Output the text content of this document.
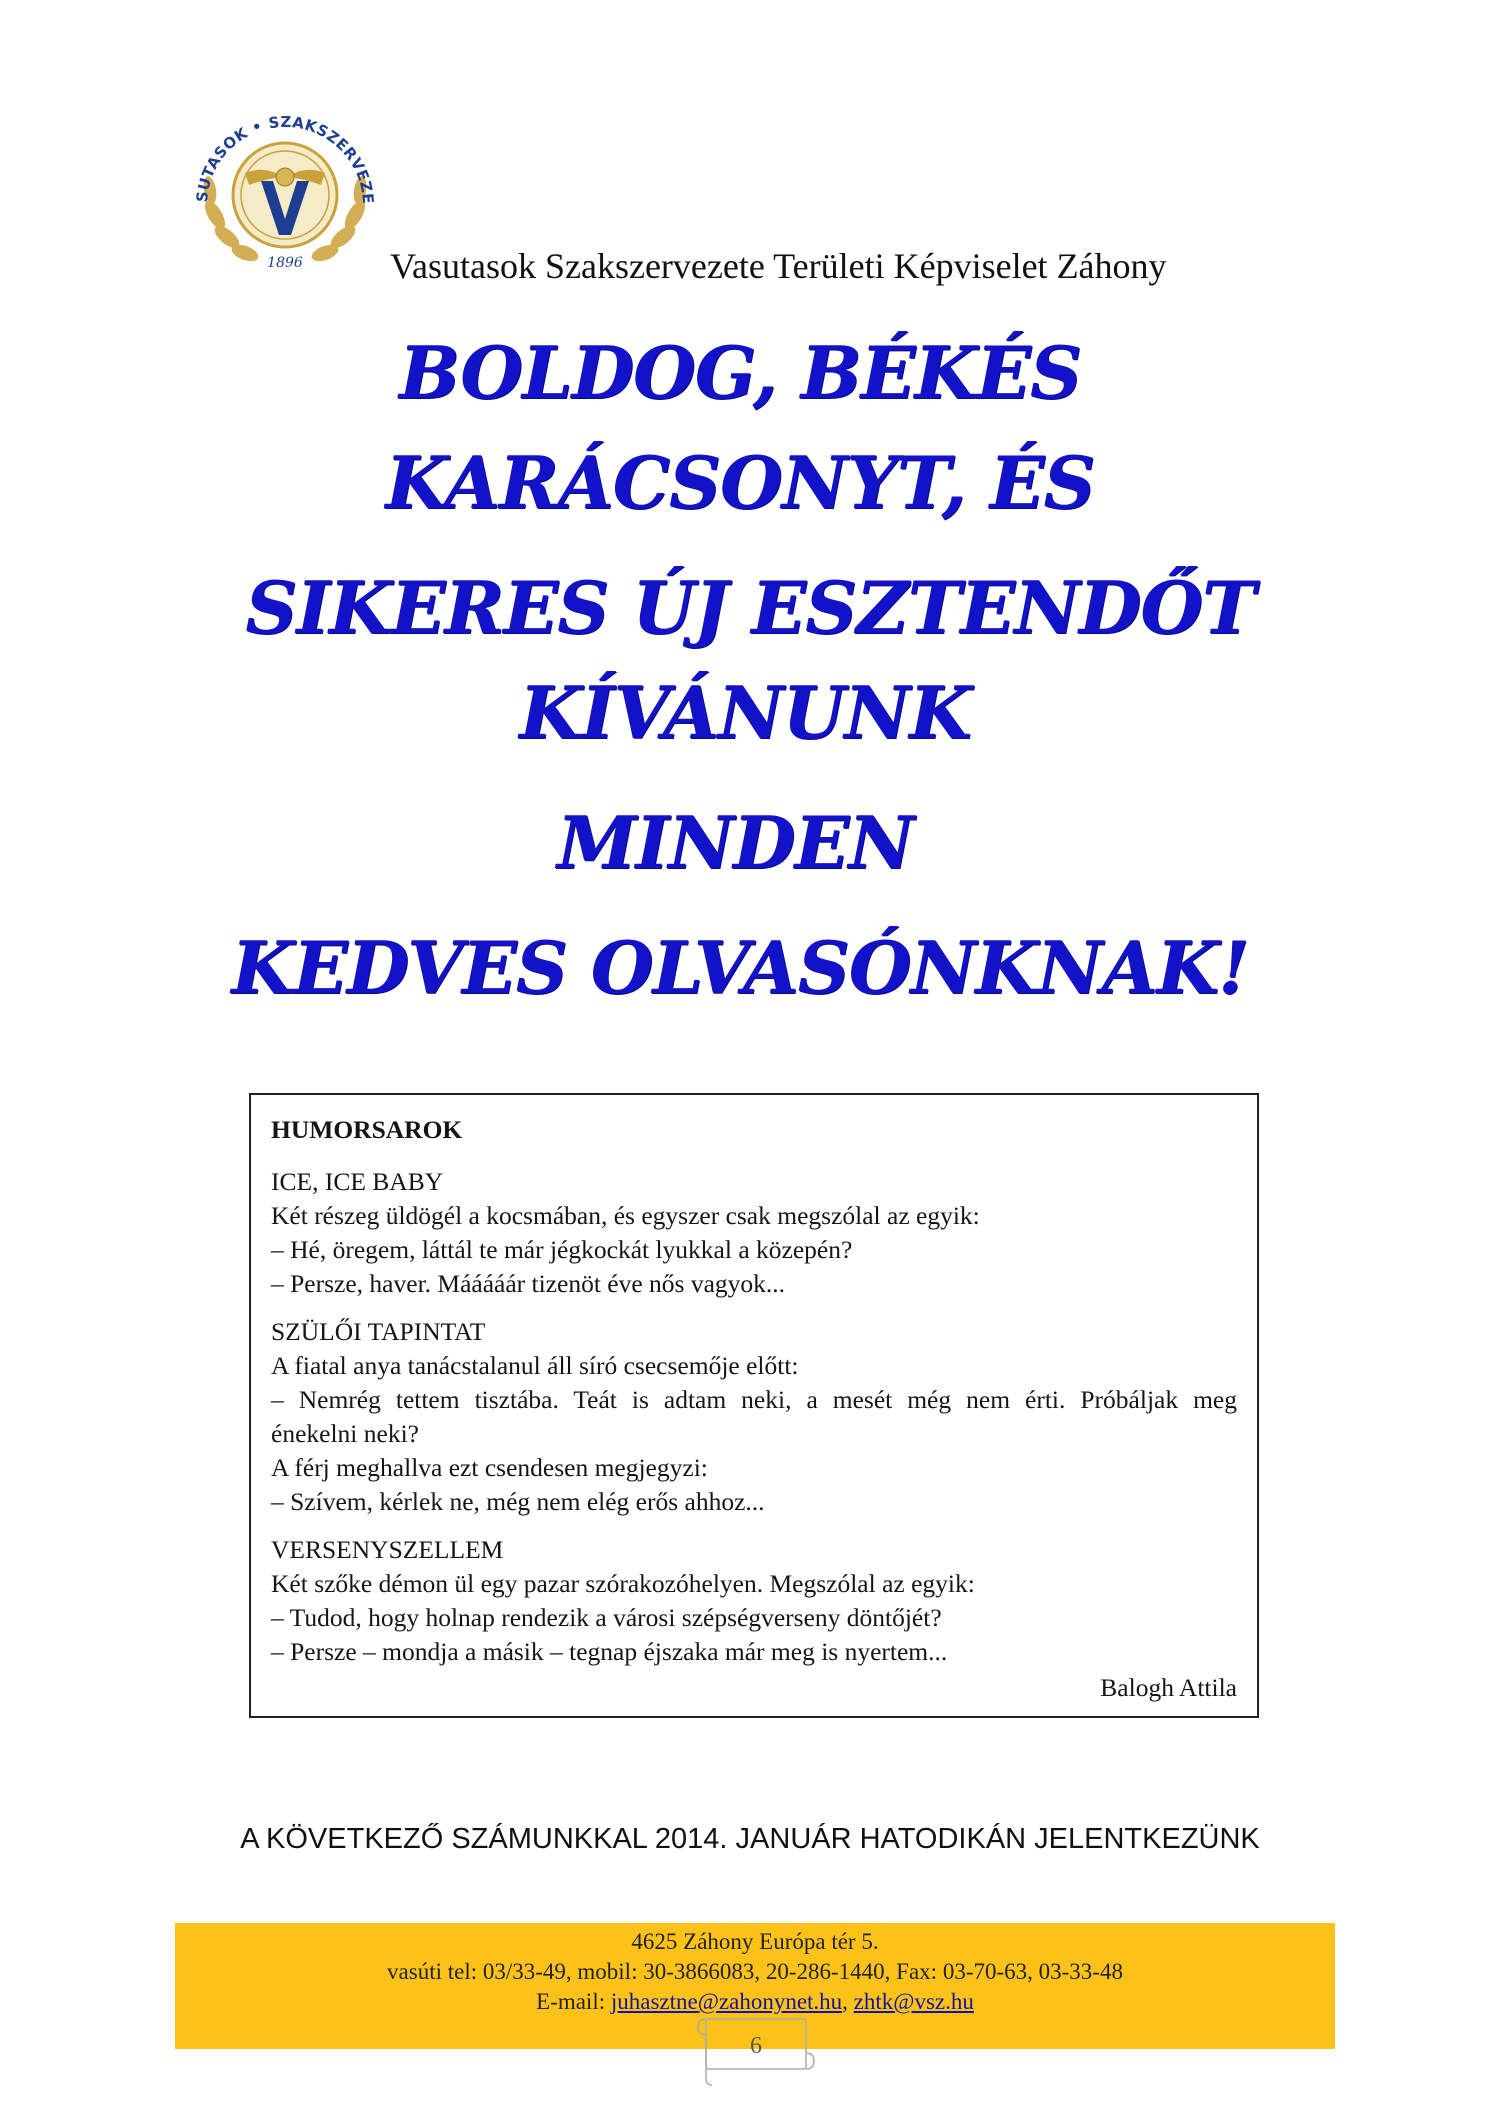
SUTASOK • SZAKSZERVEZE
1896 Vasutasok Szakszervezete Területi Képviselet Záhony
BOLDOG, BÉKÉS
KARÁCSONYT, ÉS
SIKERES ÚJ ESZTENDŐT
KÍVÁNUNK
MINDEN
KEDVES OLVASÓNKNAK!
HUMORSAROK
ICE, ICE BABY
Két részeg üldögél a kocsmában, és egyszer csak megszólal az egyik:
– Hé, öregem, láttál te már jégkockát lyukkal a közepén?
– Persze, haver. Mááááár tizenöt éve nős vagyok...
SZÜLŐI TAPINTAT
A fiatal anya tanácstalanul áll síró csecsemője előtt:
– Nemrég tettem tisztába. Teát is adtam neki, a mesét még nem érti. Próbáljak meg
énekelni neki?
A férj meghallva ezt csendesen megjegyzi:
– Szívem, kérlek ne, még nem elég erős ahhoz...
VERSENYSZELLEM
Két szőke démon ül egy pazar szórakozóhelyen. Megszólal az egyik:
– Tudod, hogy holnap rendezik a városi szépségverseny döntőjét?
– Persze – mondja a másik – tegnap éjszaka már meg is nyertem...
Balogh Attila
A KÖVETKEZŐ SZÁMUNKKAL 2014. JANUÁR HATODIKÁN JELENTKEZÜNK
4625 Záhony Európa tér 5.
vasúti tel: 03/33-49, mobil: 30-3866083, 20-286-1440, Fax: 03-70-63, 03-33-48
E-mail: juhasztne@zahonynet.hu, zhtk@vsz.hu
6
